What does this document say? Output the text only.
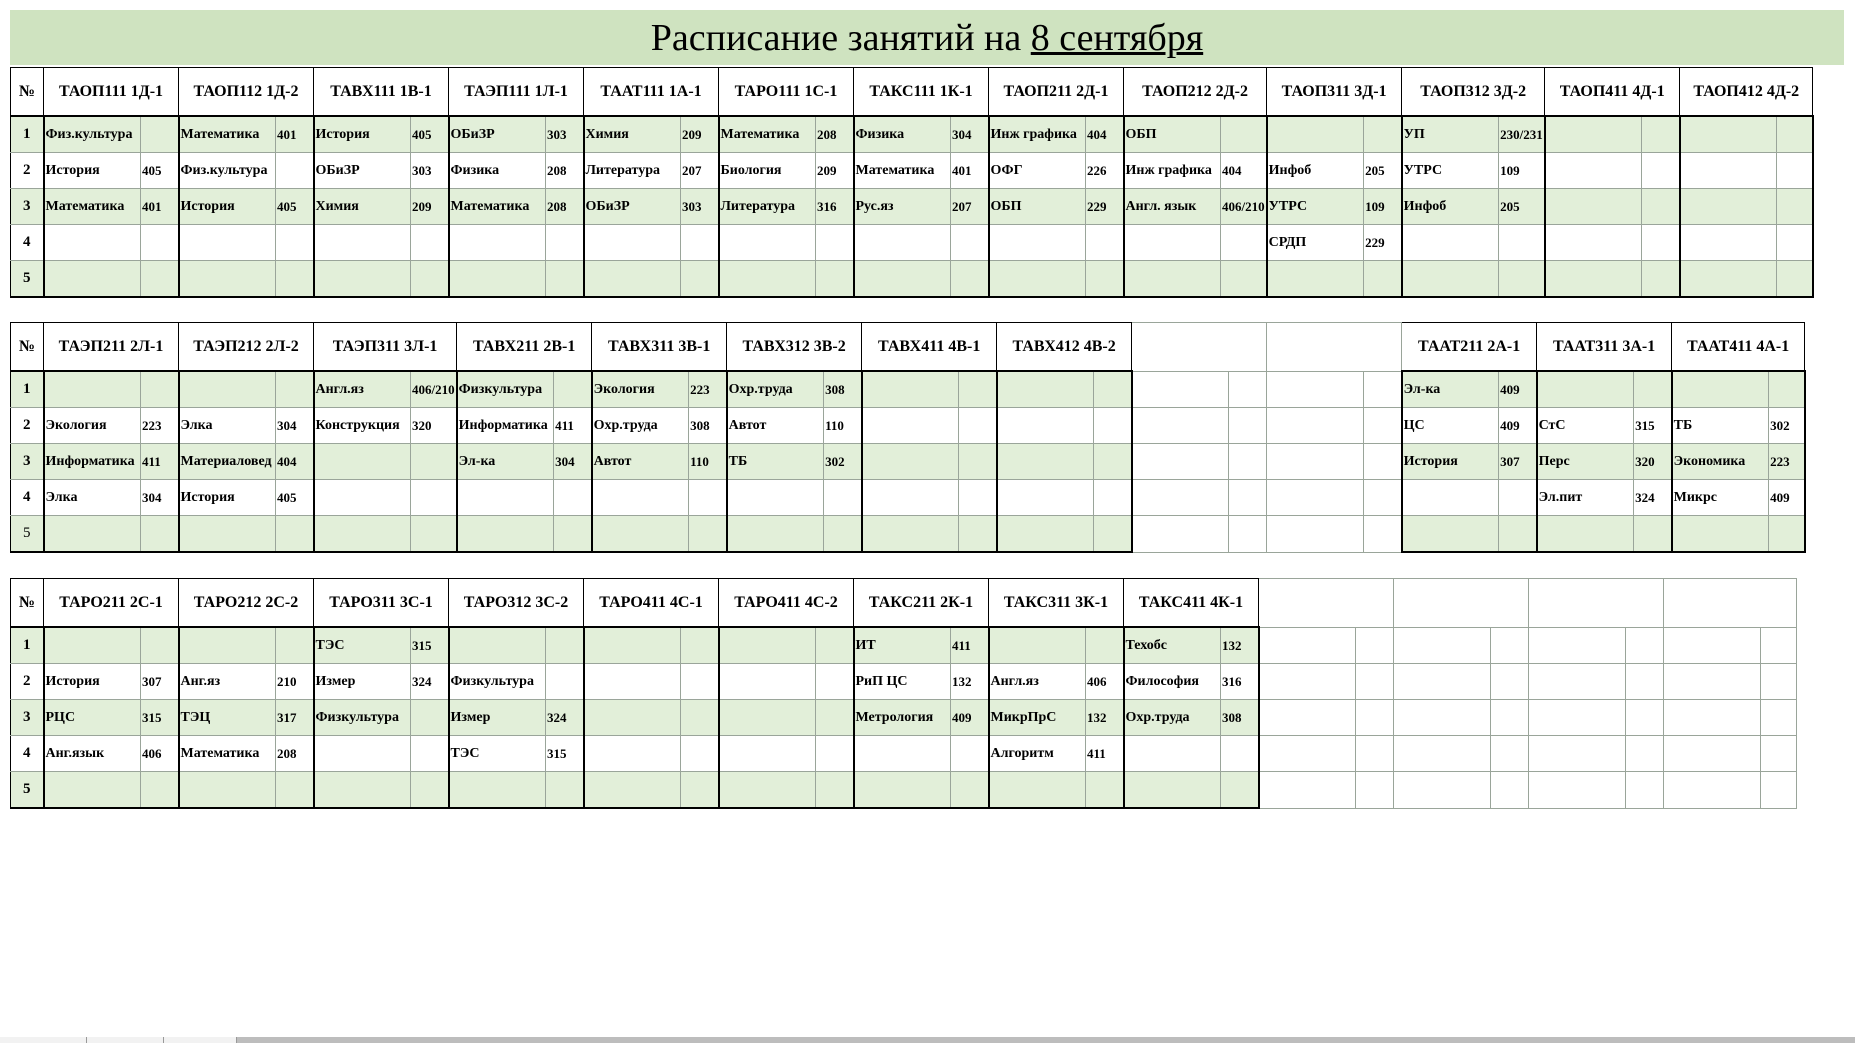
Расписание занятий на
8 сентября
№	ТАОП111 1Д-1		ТАОП112 1Д-2		ТАВХ111 1В-1		ТАЭП111 1Л-1		ТААТ111 1А-1		ТАРО111 1С-1		ТАКС111 1К-1		ТАОП211 2Д-1		ТАОП212 2Д-2		ТАОП311 3Д-1		ТАОП312 3Д-2		ТАОП411 4Д-1		ТАОП412 4Д-2	
1	Физ.культура		Математика	401	История	405	ОБиЗР	303	Химия	209	Математика	208	Физика	304	Инж графика	404	ОБП				УП	230/231				
2	История	405	Физ.культура		ОБиЗР	303	Физика	208	Литература	207	Биология	209	Математика	401	ОФГ	226	Инж графика	404	Инфоб	205	УТРС	109				
3	Математика	401	История	405	Химия	209	Математика	208	ОБиЗР	303	Литература	316	Рус.яз	207	ОБП	229	Англ. язык	406/210	УТРС	109	Инфоб	205				
4																			СРДП	229						
5																										
№	ТАЭП211 2Л-1		ТАЭП212 2Л-2		ТАЭП311 3Л-1		ТАВХ211 2В-1		ТАВХ311 3В-1		ТАВХ312 3В-2		ТАВХ411 4В-1		ТАВХ412 4В-2						ТААТ211 2А-1		ТААТ311 3А-1		ТААТ411 4А-1	
1					Англ.яз	406/210	Физкультура		Экология	223	Охр.труда	308									Эл-ка	409				
2	Экология	223	Элка	304	Конструкция	320	Информатика	411	Охр.труда	308	Автот	110									ЦС	409	СтС	315	ТБ	302
3	Информатика	411	Материаловед	404			Эл-ка	304	Автот	110	ТБ	302									История	307	Перс	320	Экономика	223
4	Элка	304	История	405																			Эл.пит	324	Микрс	409
5																										
№	ТАРО211 2С-1		ТАРО212 2С-2		ТАРО311 3С-1		ТАРО312 3С-2		ТАРО411 4С-1		ТАРО411 4С-2		ТАКС211 2К-1		ТАКС311 3К-1		ТАКС411 4К-1									
1					ТЭС	315							ИТ	411			Техобс	132								
2	История	307	Анг.яз	210	Измер	324	Физкультура						РиП ЦС	132	Англ.яз	406	Философия	316								
3	РЦС	315	ТЭЦ	317	Физкультура		Измер	324					Метрология	409	МикрПрС	132	Охр.труда	308								
4	Анг.язык	406	Математика	208			ТЭС	315							Алгоритм	411										
5																										
